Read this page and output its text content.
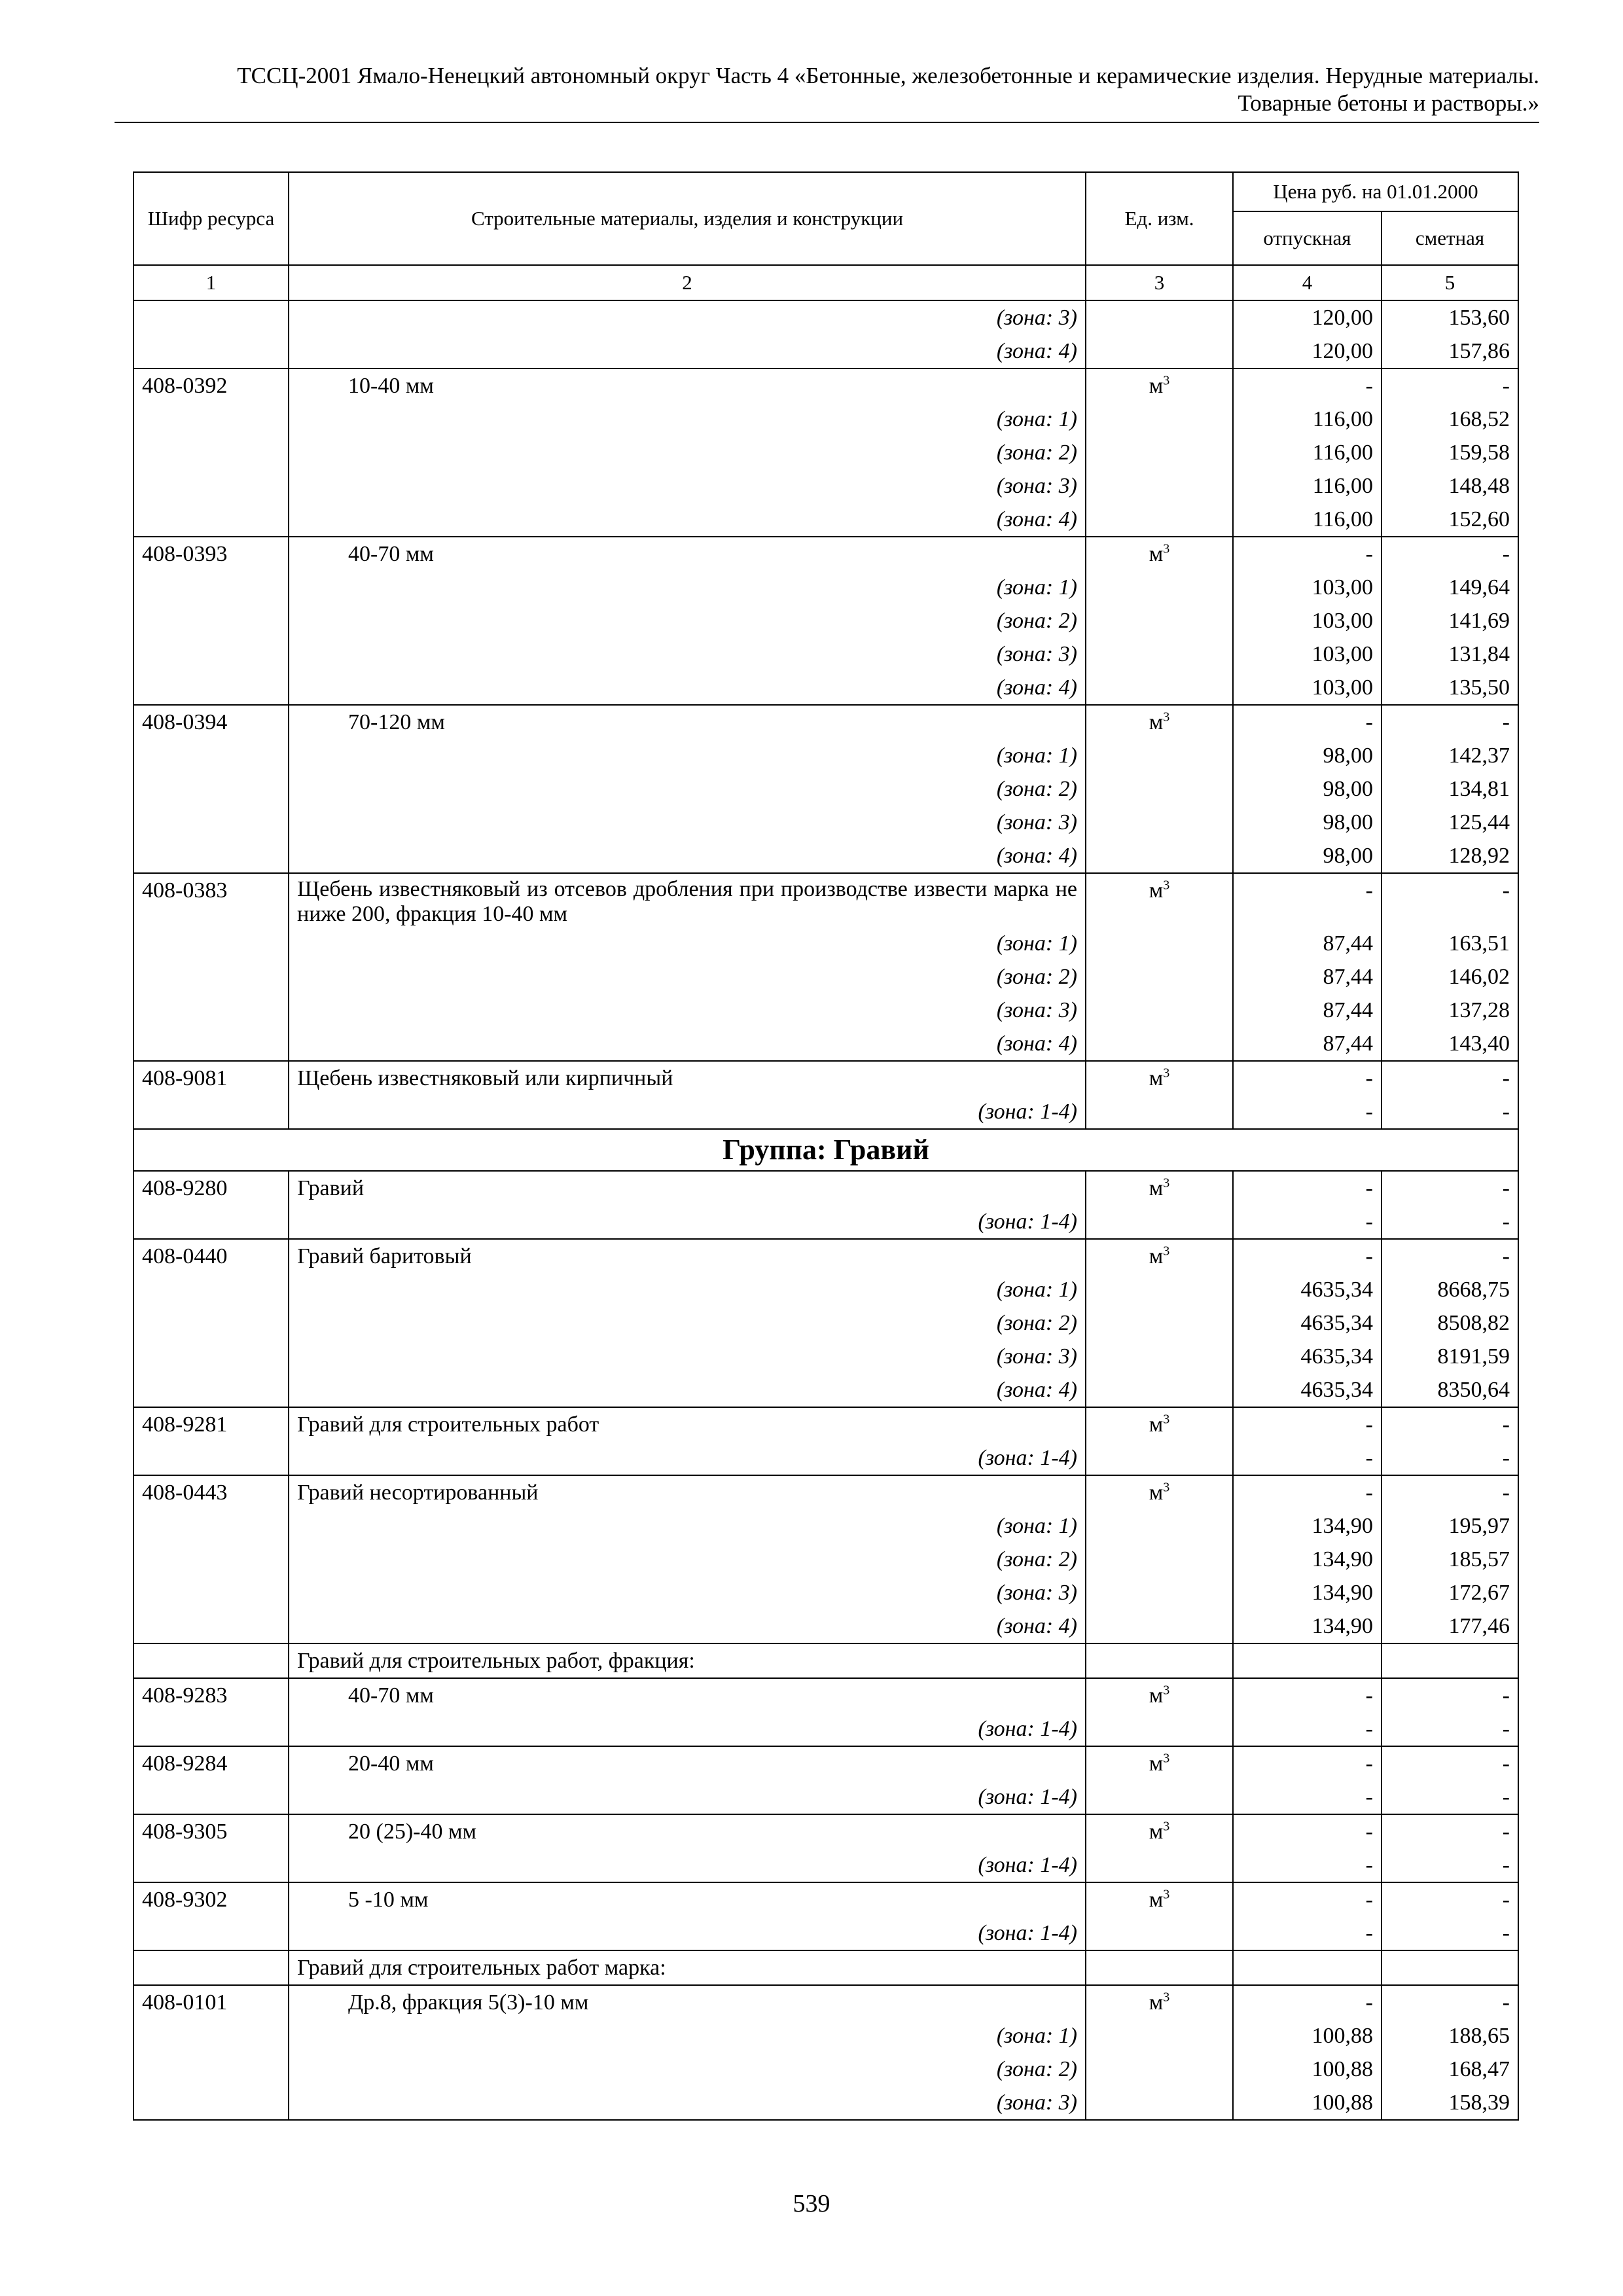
ТССЦ-2001 Ямало-Ненецкий автономный округ Часть 4 «Бетонные, железобетонные и керамические изделия. Нерудные материалы.
Товарные бетоны и растворы.»
Шифр ресурса	Строительные материалы, изделия и конструкции	Ед. изм.	Цена руб. на 01.01.2000	
			отпускная	сметная
1	2	3	4	5
	(зона: 3)		120,00	153,60
	(зона: 4)		120,00	157,86
408-0392	10-40 мм	$м^3$	-	-
	(зона: 1)		116,00	168,52
	(зона: 2)		116,00	159,58
	(зона: 3)		116,00	148,48
	(зона: 4)		116,00	152,60
408-0393	40-70 мм	$м^3$	-	-
	(зона: 1)		103,00	149,64
	(зона: 2)		103,00	141,69
	(зона: 3)		103,00	131,84
	(зона: 4)		103,00	135,50
408-0394	70-120 мм	$м^3$	-	-
	(зона: 1)		98,00	142,37
	(зона: 2)		98,00	134,81
	(зона: 3)		98,00	125,44
	(зона: 4)		98,00	128,92
408-0383	Щебень известняковый из отсевов дробления при производстве извести марка не ниже 200, фракция 10-40 мм	$м^3$	-	-
	(зона: 1)		87,44	163,51
	(зона: 2)		87,44	146,02
	(зона: 3)		87,44	137,28
	(зона: 4)		87,44	143,40
408-9081	Щебень известняковый или кирпичный	$м^3$	-	-
	(зона: 1-4)		-	-
Группа: Гравий				
408-9280	Гравий	$м^3$	-	-
	(зона: 1-4)		-	-
408-0440	Гравий баритовый	$м^3$	-	-
	(зона: 1)		4635,34	8668,75
	(зона: 2)		4635,34	8508,82
	(зона: 3)		4635,34	8191,59
	(зона: 4)		4635,34	8350,64
408-9281	Гравий для строительных работ	$м^3$	-	-
	(зона: 1-4)		-	-
408-0443	Гравий несортированный	$м^3$	-	-
	(зона: 1)		134,90	195,97
	(зона: 2)		134,90	185,57
	(зона: 3)		134,90	172,67
	(зона: 4)		134,90	177,46
	Гравий для строительных работ, фракция:			
408-9283	40-70 мм	$м^3$	-	-
	(зона: 1-4)		-	-
408-9284	20-40 мм	$м^3$	-	-
	(зона: 1-4)		-	-
408-9305	20 (25)-40 мм	$м^3$	-	-
	(зона: 1-4)		-	-
408-9302	5 -10 мм	$м^3$	-	-
	(зона: 1-4)		-	-
	Гравий для строительных работ марка:			
408-0101	Др.8, фракция 5(3)-10 мм	$м^3$	-	-
	(зона: 1)		100,88	188,65
	(зона: 2)		100,88	168,47
	(зона: 3)		100,88	158,39
539
